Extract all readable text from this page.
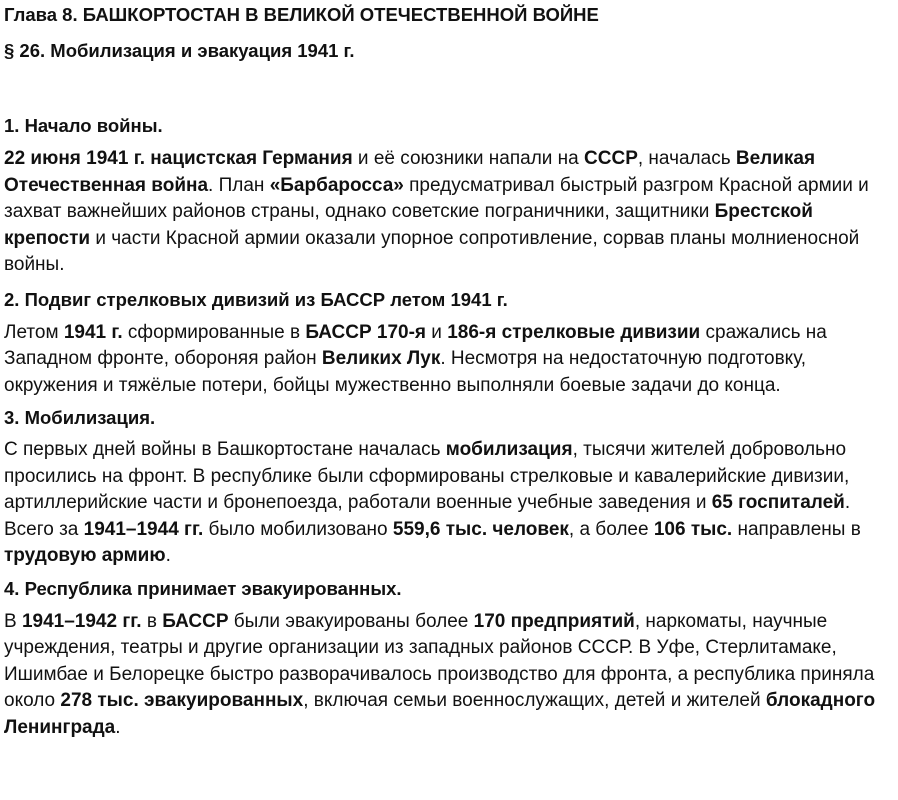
Глава 8. БАШКОРТОСТАН В ВЕЛИКОЙ ОТЕЧЕСТВЕННОЙ ВОЙНЕ
§ 26. Мобилизация и эвакуация 1941 г.
1. Начало войны.

22 июня 1941 г. нацистская Германия и её союзники напали на СССР, началась Великая Отечественная война. План «Барбаросса» предусматривал быстрый разгром Красной армии и захват важнейших районов страны, однако советские пограничники, защитники Брестской крепости и части Красной армии оказали упорное сопротивление, сорвав планы молниеносной войны.

2. Подвиг стрелковых дивизий из БАССР летом 1941 г.

Летом 1941 г. сформированные в БАССР 170-я и 186-я стрелковые дивизии сражались на Западном фронте, обороняя район Великих Лук. Несмотря на недостаточную подготовку, окружения и тяжёлые потери, бойцы мужественно выполняли боевые задачи до конца.

3. Мобилизация.

С первых дней войны в Башкортостане началась мобилизация, тысячи жителей добровольно просились на фронт. В республике были сформированы стрелковые и кавалерийские дивизии, артиллерийские части и бронепоезда, работали военные учебные заведения и 65 госпиталей. Всего за 1941–1944 гг. было мобилизовано 559,6 тыс. человек, а более 106 тыс. направлены в трудовую армию.

4. Республика принимает эвакуированных.

В 1941–1942 гг. в БАССР были эвакуированы более 170 предприятий, наркоматы, научные учреждения, театры и другие организации из западных районов СССР. В Уфе, Стерлитамаке, Ишимбае и Белорецке быстро разворачивалось производство для фронта, а республика приняла около 278 тыс. эвакуированных, включая семьи военнослужащих, детей и жителей блокадного Ленинграда.
